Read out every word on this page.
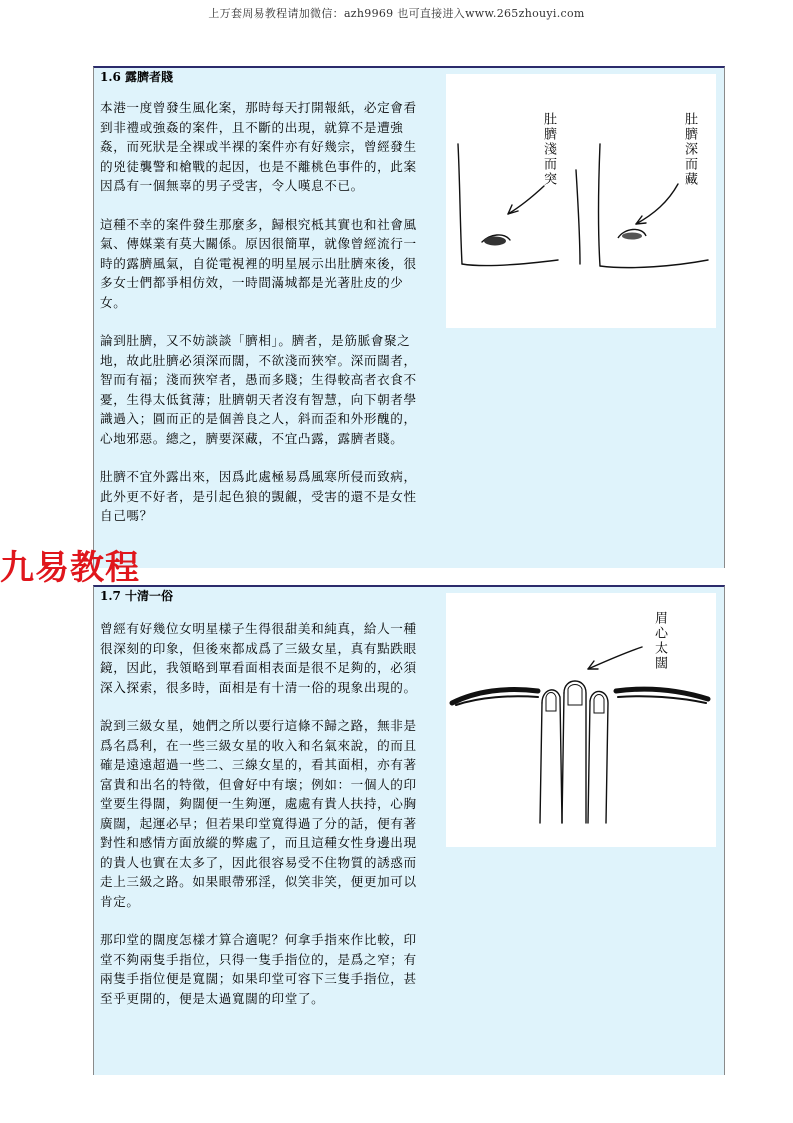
上万套周易教程请加微信：azh9969 也可直接进入www.265zhouyi.com
1.6 露臍者賤

本港一度曾發生風化案，那時每天打開報紙，必定會看到非禮或強姦的案件，且不斷的出現，就算不是遭強姦，而死狀是全裸或半裸的案件亦有好幾宗，曾經發生的兇徒襲警和槍戰的起因，也是不離桃色事件的，此案因爲有一個無辜的男子受害，令人嘆息不已。

這種不幸的案件發生那麼多，歸根究柢其實也和社會風氣、傳媒業有莫大關係。原因很簡單，就像曾經流行一時的露臍風氣，自從電視裡的明星展示出肚臍來後，很多女士們都爭相仿效，一時間滿城都是光著肚皮的少女。

論到肚臍，又不妨談談「臍相」。臍者，是筋脈會聚之地，故此肚臍必須深而闊，不欲淺而狹窄。深而闊者，智而有福；淺而狹窄者，愚而多賤；生得較高者衣食不憂，生得太低貧薄；肚臍朝天者沒有智慧，向下朝者學識過入；圓而正的是個善良之人，斜而歪和外形醜的，心地邪惡。總之，臍要深藏，不宜凸露，露臍者賤。

肚臍不宜外露出來，因爲此處極易爲風寒所侵而致病，此外更不好者，是引起色狼的覬覦，受害的還不是女性自己嗎？

肚臍淺而突	肚臍深而藏
1.7 十清一俗

曾經有好幾位女明星樣子生得很甜美和純真，給人一種很深刻的印象，但後來都成爲了三級女星，真有點跌眼鏡，因此，我領略到單看面相表面是很不足夠的，必須深入探索，很多時，面相是有十清一俗的現象出現的。

說到三級女星，她們之所以要行這條不歸之路，無非是爲名爲利，在一些三級女星的收入和名氣來說，的而且確是遠遠超過一些二、三線女星的，看其面相，亦有著富貴和出名的特徵，但會好中有壞；例如：一個人的印堂要生得闊，夠闊便一生夠運，處處有貴人扶持，心胸廣闊，起運必早；但若果印堂寬得過了分的話，便有著對性和感情方面放縱的弊處了，而且這種女性身邊出現的貴人也實在太多了，因此很容易受不住物質的誘惑而走上三級之路。如果眼帶邪淫，似笑非笑，便更加可以肯定。

那印堂的闊度怎樣才算合適呢？何拿手指來作比較，印堂不夠兩隻手指位，只得一隻手指位的，是爲之窄；有兩隻手指位便是寬闊；如果印堂可容下三隻手指位，甚至乎更開的，便是太過寬闊的印堂了。

眉心太闊
九易教程
